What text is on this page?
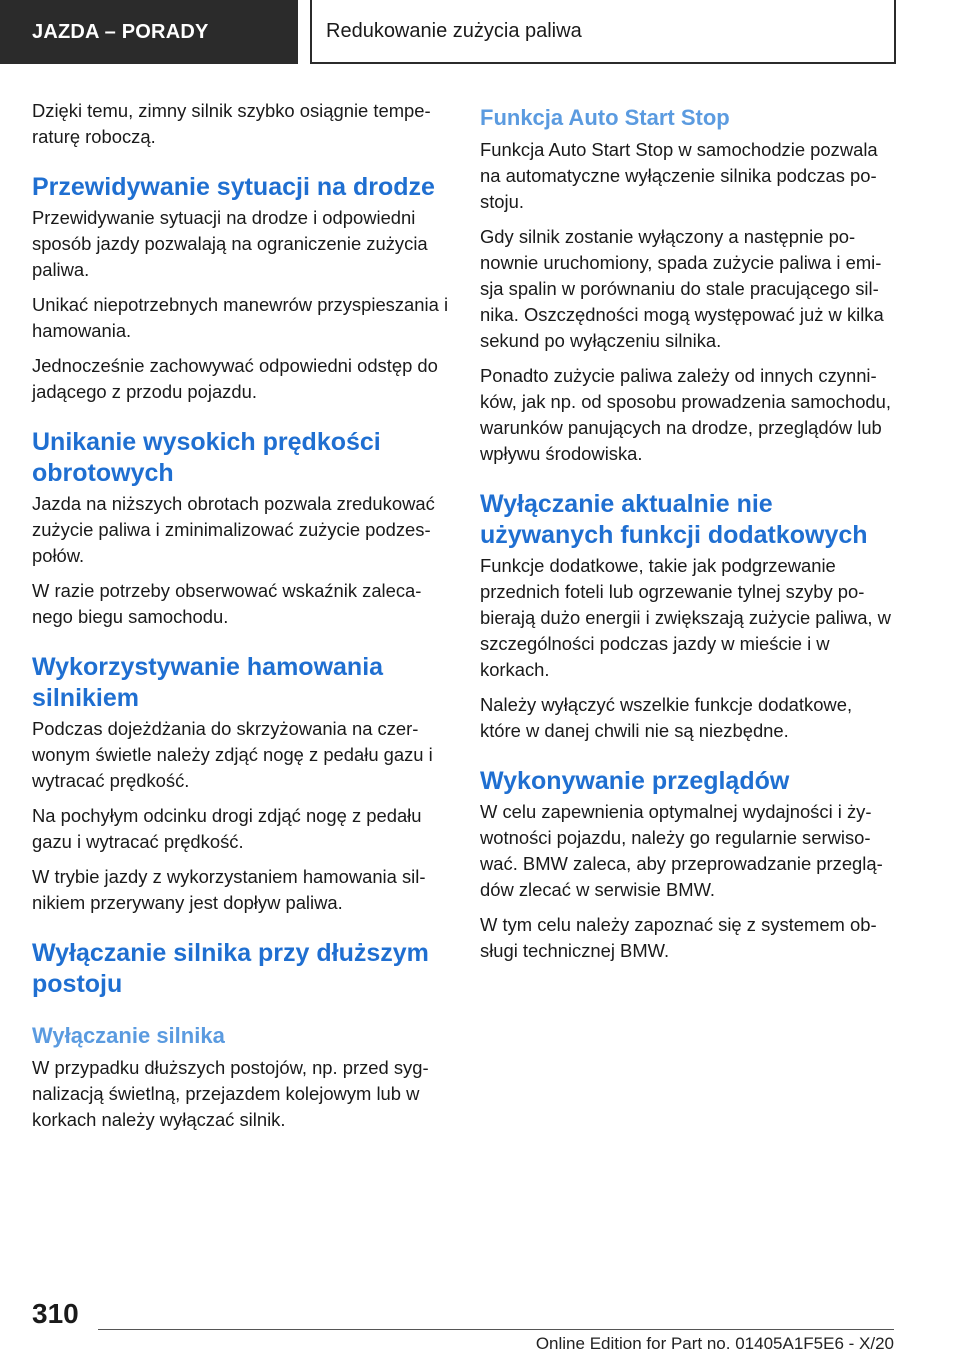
JAZDA – PORADY	Redukowanie zużycia paliwa

Dzięki temu, zimny silnik szybko osiągnie temperaturę roboczą.

Przewidywanie sytuacji na drodze

Przewidywanie sytuacji na drodze i odpowiedni sposób jazdy pozwalają na ograniczenie zużycia paliwa.

Unikać niepotrzebnych manewrów przyspieszania i hamowania.

Jednocześnie zachowywać odpowiedni odstęp do jadącego z przodu pojazdu.

Unikanie wysokich prędkości obrotowych

Jazda na niższych obrotach pozwala zredukować zużycie paliwa i zminimalizować zużycie podzespołów.

W razie potrzeby obserwować wskaźnik zalecanego biegu samochodu.

Wykorzystywanie hamowania silnikiem

Podczas dojeżdżania do skrzyżowania na czerwonym świetle należy zdjąć nogę z pedału gazu i wytracać prędkość.

Na pochyłym odcinku drogi zdjąć nogę z pedału gazu i wytracać prędkość.

W trybie jazdy z wykorzystaniem hamowania silnikiem przerywany jest dopływ paliwa.

Wyłączanie silnika przy dłuższym postoju
Wyłączanie silnika

W przypadku dłuższych postojów, np. przed sygnalizacją świetlną, przejazdem kolejowym lub w korkach należy wyłączać silnik.

Funkcja Auto Start Stop

Funkcja Auto Start Stop w samochodzie pozwala na automatyczne wyłączenie silnika podczas postoju.

Gdy silnik zostanie wyłączony a następnie ponownie uruchomiony, spada zużycie paliwa i emisja spalin w porównaniu do stale pracującego silnika. Oszczędności mogą występować już w kilka sekund po wyłączeniu silnika.

Ponadto zużycie paliwa zależy od innych czynników, jak np. od sposobu prowadzenia samochodu, warunków panujących na drodze, przeglądów lub wpływu środowiska.

Wyłączanie aktualnie nie używanych funkcji dodatkowych

Funkcje dodatkowe, takie jak podgrzewanie przednich foteli lub ogrzewanie tylnej szyby pobierają dużo energii i zwiększają zużycie paliwa, w szczególności podczas jazdy w mieście i w korkach.

Należy wyłączyć wszelkie funkcje dodatkowe, które w danej chwili nie są niezbędne.

Wykonywanie przeglądów

W celu zapewnienia optymalnej wydajności i żywotności pojazdu, należy go regularnie serwisować. BMW zaleca, aby przeprowadzanie przeglądów zlecać w serwisie BMW.

W tym celu należy zapoznać się z systemem obsługi technicznej BMW.

310
Online Edition for Part no. 01405A1F5E6 - X/20
